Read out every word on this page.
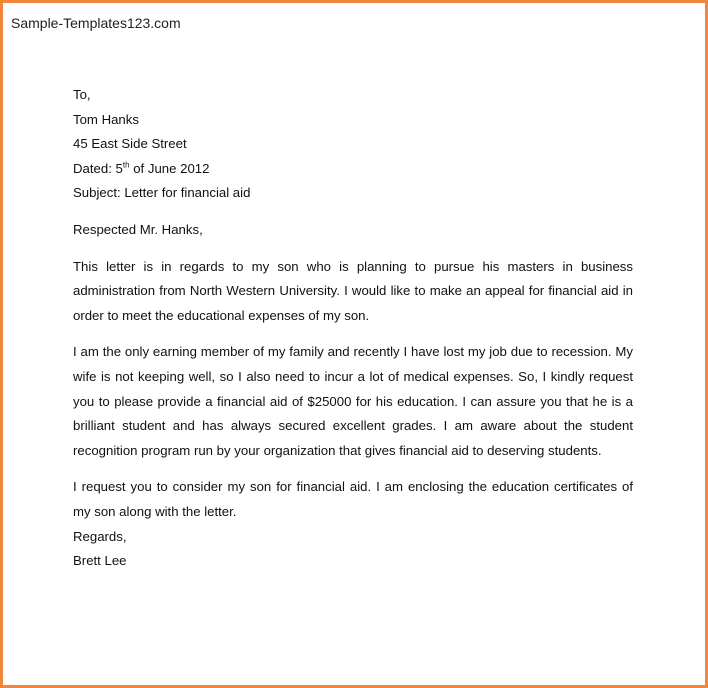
Sample-Templates123.com
To,
Tom Hanks
45 East Side Street
Dated: 5th of June 2012
Subject: Letter for financial aid
Respected Mr. Hanks,

This letter is in regards to my son who is planning to pursue his masters in business administration from North Western University. I would like to make an appeal for financial aid in order to meet the educational expenses of my son.

I am the only earning member of my family and recently I have lost my job due to recession. My wife is not keeping well, so I also need to incur a lot of medical expenses. So, I kindly request you to please provide a financial aid of $25000 for his education. I can assure you that he is a brilliant student and has always secured excellent grades. I am aware about the student recognition program run by your organization that gives financial aid to deserving students.

I request you to consider my son for financial aid. I am enclosing the education certificates of my son along with the letter.

Regards,
Brett Lee
